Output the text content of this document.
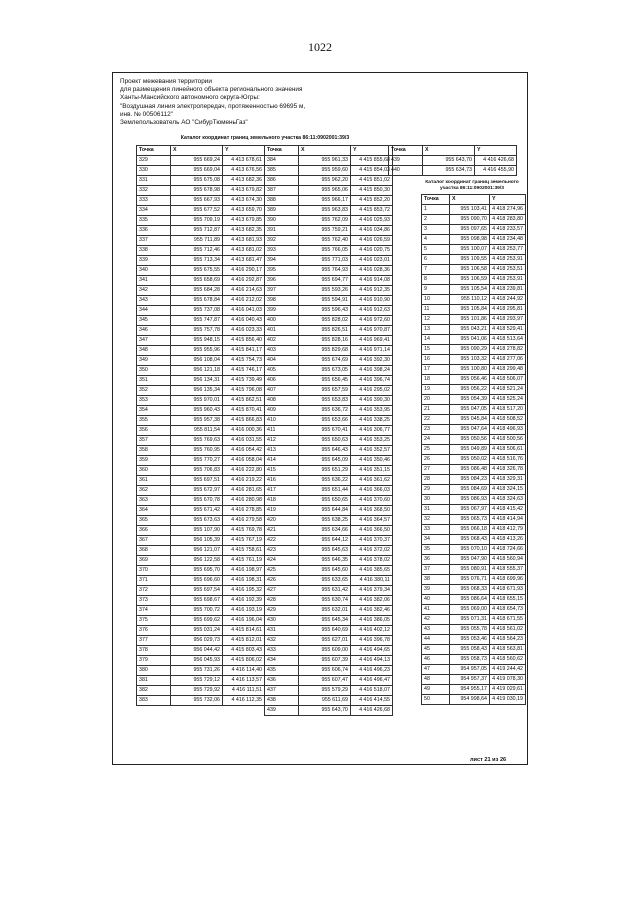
1022
Проект межевания территории
для размещения линейного объекта регионального значения
Ханты-Мансийского автономного округа-Югры:
"Воздушная линия электропередач, протяженностью 69695 м,
инв. № 00506112"
Землепользователь АО "СибурТюменьГаз"
Каталог координат границ земельного участка 86:11:0902001:39/3
Точка	X	Y
329	955 669,24	4 413 678,61
330	955 669,04	4 413 676,56
331	955 675,08	4 413 682,36
332	955 678,98	4 413 679,82
333	955 667,93	4 413 674,30
334	955 677,52	4 413 659,70
335	955 709,19	4 413 679,85
336	955 712,87	4 413 682,35
337	955 711,89	4 413 681,93
338	955 712,46	4 413 681,02
339	955 713,34	4 413 681,47
340	955 675,55	4 416 290,17
341	955 658,69	4 416 292,87
342	955 684,28	4 416 214,63
343	955 678,84	4 416 212,02
344	955 737,08	4 416 041,03
345	955 747,87	4 416 040,43
346	955 757,78	4 416 023,33
347	955 948,15	4 415 856,40
348	955 955,96	4 415 841,17
349	956 108,04	4 415 754,73
350	956 121,18	4 415 746,17
351	956 134,31	4 415 739,49
352	956 135,34	4 415 796,08
353	955 970,01	4 415 862,51
354	955 960,43	4 415 870,41
355	955 957,38	4 415 866,83
356	955 811,54	4 416 000,36
357	955 769,63	4 416 031,55
358	955 760,95	4 416 054,42
359	955 770,27	4 416 058,04
360	955 706,83	4 416 222,80
361	955 697,51	4 416 219,22
362	955 672,97	4 416 281,65
363	955 670,78	4 416 280,98
364	955 671,42	4 416 278,85
365	955 673,63	4 416 279,58
366	955 107,90	4 415 769,78
367	956 105,39	4 415 767,19
368	956 121,07	4 415 758,61
369	956 122,58	4 415 761,19
370	955 695,70	4 416 198,97
371	955 696,60	4 416 198,31
372	955 697,54	4 416 195,32
373	955 698,67	4 416 192,39
374	955 700,72	4 416 193,19
375	955 699,62	4 416 196,04
376	955 031,24	4 415 814,61
377	956 029,73	4 415 812,01
378	956 044,42	4 415 803,43
379	956 045,93	4 415 806,02
380	955 731,26	4 416 114,40
381	955 729,12	4 416 113,57
382	955 729,92	4 416 111,51
383	955 732,06	4 416 112,35
Точка	X	Y
384	955 961,33	4 415 855,68
385	955 959,60	4 415 854,03
386	955 962,20	4 415 851,02
387	955 965,06	4 415 850,30
388	955 966,17	4 415 852,20
389	955 963,83	4 415 853,72
390	955 762,09	4 416 025,93
391	955 759,21	4 416 034,86
392	955 762,40	4 416 026,59
393	955 766,05	4 416 020,75
394	955 771,03	4 416 023,01
395	955 764,93	4 416 028,36
396	955 694,77	4 416 914,08
397	955 593,26	4 416 912,35
398	955 594,91	4 416 910,90
399	955 596,43	4 416 912,63
400	955 828,02	4 416 972,60
401	955 826,51	4 416 970,87
402	955 828,16	4 416 969,41
403	955 829,68	4 416 971,14
404	955 674,69	4 416 392,30
405	955 673,05	4 416 398,24
406	955 656,45	4 416 396,74
407	955 657,59	4 416 295,02
408	955 653,83	4 416 390,30
409	955 636,72	4 416 353,95
410	955 653,66	4 416 338,25
411	955 670,41	4 416 306,77
412	955 650,63	4 416 353,25
413	955 646,43	4 416 352,57
414	955 645,09	4 416 350,46
415	955 651,29	4 416 351,15
416	955 636,22	4 416 361,62
417	955 651,44	4 416 366,03
418	955 650,65	4 416 370,60
419	955 644,84	4 416 368,50
420	955 638,25	4 416 364,57
421	955 634,66	4 416 366,50
422	955 644,12	4 416 370,37
423	955 645,63	4 416 372,02
424	955 646,35	4 416 378,02
425	955 645,60	4 416 385,65
426	955 633,65	4 416 380,11
427	955 631,42	4 416 379,34
428	955 630,74	4 416 382,06
429	955 632,01	4 416 382,46
430	955 645,34	4 416 386,05
431	955 640,69	4 416 402,12
432	955 627,01	4 416 396,78
433	955 609,00	4 416 494,65
434	955 607,39	4 416 494,13
435	955 606,74	4 416 496,23
436	955 607,47	4 416 496,47
437	955 579,29	4 416 518,07
438	955 611,69	4 416 414,55
439	955 643,70	4 416 426,68
Точка	X	Y
439	955 643,70	4 416 426,68
440	955 634,73	4 416 455,90
Каталог координат границ земельного участка 86:11:0902001:39/3
Точка	X	Y
1	955 103,41	4 418 274,96
2	955 090,70	4 418 283,80
3	955 097,65	4 418 233,57
4	955 098,98	4 418 234,48
5	955 100,07	4 418 253,77
6	955 109,55	4 418 253,91
7	955 106,58	4 418 253,51
8	955 106,59	4 418 253,91
9	955 105,54	4 418 239,81
10	955 110,12	4 418 244,92
11	955 105,84	4 418 295,81
12	955 101,86	4 418 293,97
13	955 043,21	4 418 529,41
14	955 041,06	4 418 513,64
15	955 090,29	4 418 278,82
16	955 103,32	4 418 277,06
17	955 100,80	4 418 299,48
18	955 056,46	4 418 506,07
19	955 056,22	4 418 521,24
20	955 054,39	4 418 525,24
21	955 047,05	4 418 517,20
22	955 045,84	4 418 508,52
23	955 047,64	4 418 496,93
24	955 050,56	4 418 500,56
25	955 049,89	4 418 506,61
26	955 050,02	4 418 516,76
27	955 086,48	4 418 326,78
28	955 084,23	4 418 329,31
29	955 084,69	4 418 324,15
30	955 086,93	4 418 324,63
31	955 067,97	4 418 415,42
32	955 065,73	4 418 414,94
33	955 066,18	4 418 412,79
34	955 068,43	4 418 413,26
35	955 070,10	4 418 724,66
36	955 047,90	4 418 560,94
37	955 080,91	4 418 555,37
38	955 076,71	4 418 699,96
39	955 068,33	4 418 671,93
40	955 086,64	4 418 655,15
41	955 069,00	4 418 654,73
42	955 071,31	4 418 671,55
43	955 055,78	4 418 561,02
44	955 053,46	4 418 564,23
45	955 058,43	4 418 563,81
46	955 058,73	4 418 560,62
47	954 957,05	4 419 244,42
48	954 957,37	4 419 078,30
49	954 955,17	4 419 029,61
50	954 998,64	4 419 030,19
лист 21 из 26
